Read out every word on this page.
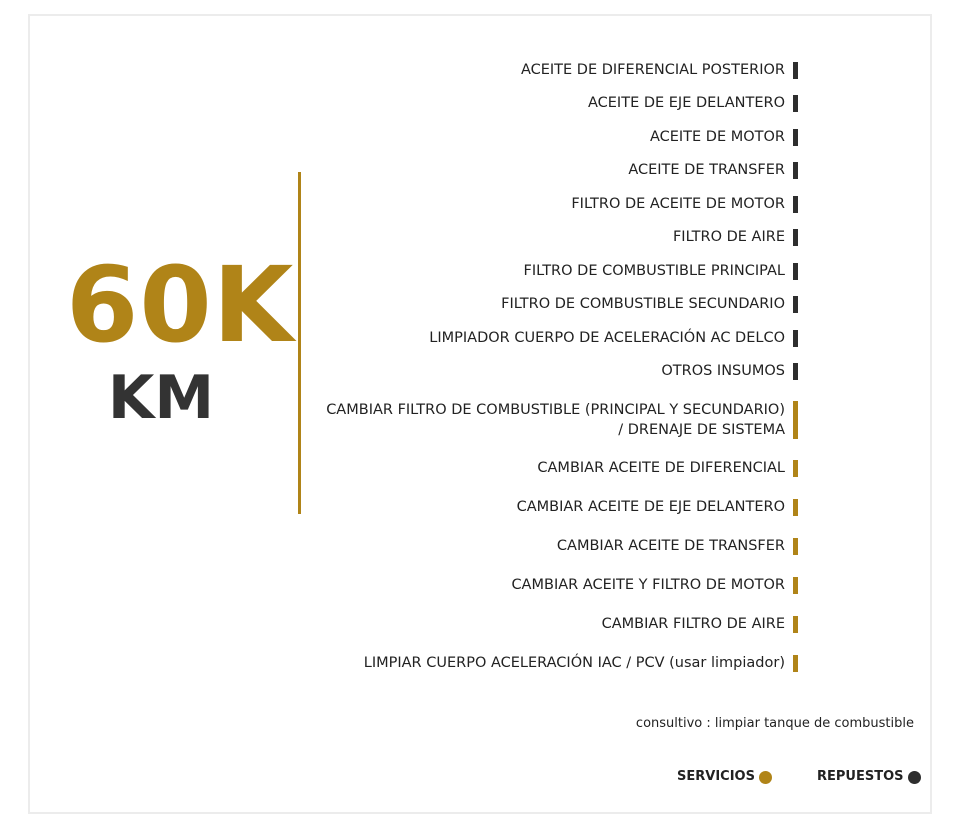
60K
KM
ACEITE DE DIFERENCIAL POSTERIOR
ACEITE DE EJE DELANTERO
ACEITE DE MOTOR
ACEITE DE TRANSFER
FILTRO DE ACEITE DE MOTOR
FILTRO DE AIRE
FILTRO DE COMBUSTIBLE PRINCIPAL
FILTRO DE COMBUSTIBLE SECUNDARIO
LIMPIADOR CUERPO DE ACELERACIÓN AC DELCO
OTROS INSUMOS
CAMBIAR FILTRO DE COMBUSTIBLE (PRINCIPAL Y SECUNDARIO)
/ DRENAJE DE SISTEMA
CAMBIAR ACEITE DE DIFERENCIAL
CAMBIAR ACEITE DE EJE DELANTERO
CAMBIAR ACEITE DE TRANSFER
CAMBIAR ACEITE Y FILTRO DE MOTOR
CAMBIAR FILTRO DE AIRE
LIMPIAR CUERPO ACELERACIÓN IAC / PCV (usar limpiador)
consultivo : limpiar tanque de combustible
SERVICIOS	REPUESTOS
